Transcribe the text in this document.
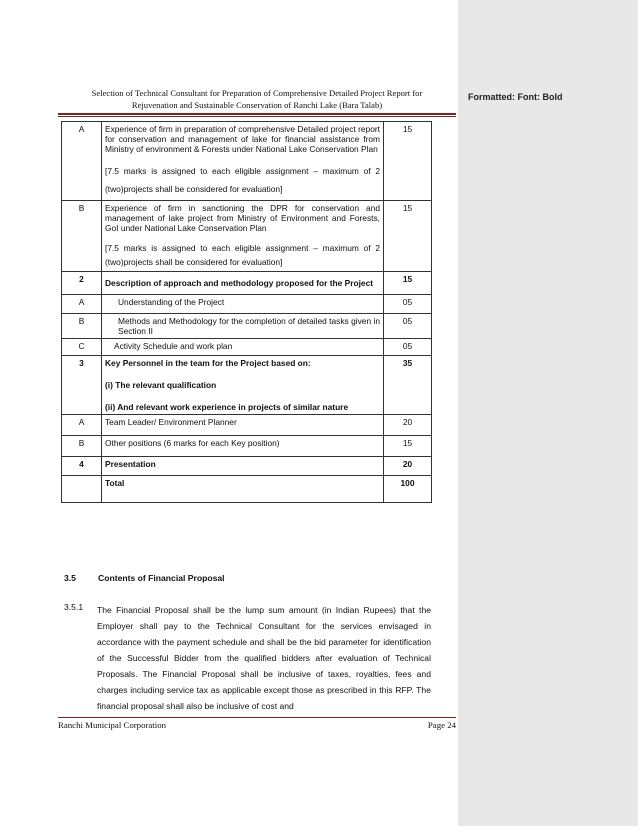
Formatted: Font: Bold
Selection of Technical Consultant for Preparation of Comprehensive Detailed Project Report for
Rejuvenation and Sustainable Conservation of Ranchi Lake (Bara Talab)
A	Experience of firm in preparation of comprehensive Detailed project report for conservation and management of lake for financial assistance from Ministry of environment & Forests under National Lake Conservation Plan
[7.5 marks is assigned to each eligible assignment – maximum of 2 (two)projects shall be considered for evaluation]	15
B	Experience of firm in sanctioning the DPR for conservation and management of lake project from Ministry of Environment and Forests, GoI under National Lake Conservation Plan
[7.5 marks is assigned to each eligible assignment – maximum of 2 (two)projects shall be considered for evaluation]	15
2	Description of approach and methodology proposed for the Project	15
A	Understanding of the Project	05
B	Methods and Methodology for the completion of detailed tasks given in Section II	05
C	Activity Schedule and work plan	05
3	Key Personnel in the team for the Project based on:
(i) The relevant qualification
(ii) And relevant work experience in projects of similar nature	35
A	Team Leader/ Environment Planner	20
B	Other positions (6 marks for each Key position)	15
4	Presentation	20
	Total	100
3.5	Contents of Financial Proposal
3.5.1 The Financial Proposal shall be the lump sum amount (in Indian Rupees) that the Employer shall pay to the Technical Consultant for the services envisaged in accordance with the payment schedule and shall be the bid parameter for identification of the Successful Bidder from the qualified bidders after evaluation of Technical Proposals. The Financial Proposal shall be inclusive of taxes, royalties, fees and charges including service tax as applicable except those as prescribed in this RFP. The financial proposal shall also be inclusive of cost and
Ranchi Municipal Corporation	Page 24
